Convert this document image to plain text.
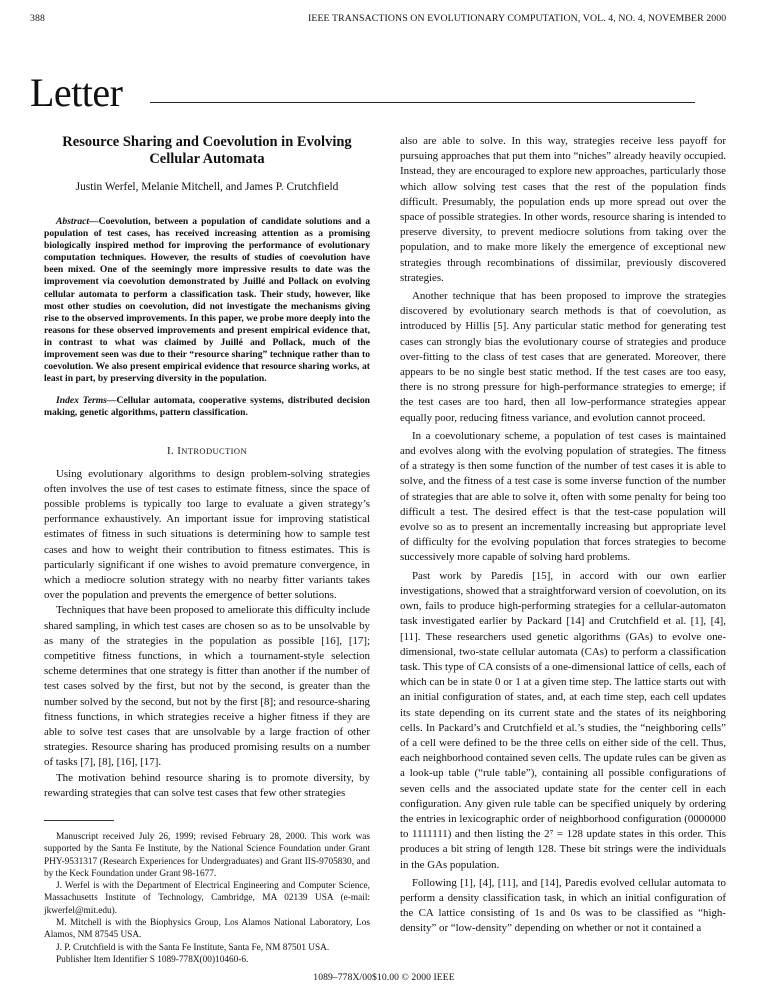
388	IEEE TRANSACTIONS ON EVOLUTIONARY COMPUTATION, VOL. 4, NO. 4, NOVEMBER 2000
Letter
Resource Sharing and Coevolution in Evolving Cellular Automata
Justin Werfel, Melanie Mitchell, and James P. Crutchfield

Abstract—Coevolution, between a population of candidate solutions and a population of test cases, has received increasing attention as a promising biologically inspired method for improving the performance of evolutionary computation techniques. However, the results of studies of coevolution have been mixed. One of the seemingly more impressive results to date was the improvement via coevolution demonstrated by Juillé and Pollack on evolving cellular automata to perform a classification task. Their study, however, like most other studies on coevolution, did not investigate the mechanisms giving rise to the observed improvements. In this paper, we probe more deeply into the reasons for these observed improvements and present empirical evidence that, in contrast to what was claimed by Juillé and Pollack, much of the improvement seen was due to their “resource sharing” technique rather than to coevolution. We also present empirical evidence that resource sharing works, at least in part, by preserving diversity in the population.

Index Terms—Cellular automata, cooperative systems, distributed decision making, genetic algorithms, pattern classification.

I. INTRODUCTION

Using evolutionary algorithms to design problem-solving strategies often involves the use of test cases to estimate fitness, since the space of possible problems is typically too large to evaluate a given strategy’s performance exhaustively. An important issue for improving statistical estimates of fitness in such situations is determining how to sample test cases and how to weight their contribution to fitness estimates. This is particularly significant if one wishes to avoid premature convergence, in which a mediocre solution strategy with no nearby fitter variants takes over the population and prevents the emergence of better solutions.

Techniques that have been proposed to ameliorate this difficulty include shared sampling, in which test cases are chosen so as to be unsolvable by as many of the strategies in the population as possible [16], [17]; competitive fitness functions, in which a tournament-style selection scheme determines that one strategy is fitter than another if the number of test cases solved by the first, but not by the second, is greater than the number solved by the second, but not by the first [8]; and resource-sharing fitness functions, in which strategies receive a higher fitness if they are able to solve test cases that are unsolvable by a large fraction of other strategies. Resource sharing has produced promising results on a number of tasks [7], [8], [16], [17].

The motivation behind resource sharing is to promote diversity, by rewarding strategies that can solve test cases that few other strategies

Manuscript received July 26, 1999; revised February 28, 2000. This work was supported by the Santa Fe Institute, by the National Science Foundation under Grant PHY-9531317 (Research Experiences for Undergraduates) and Grant IIS-9705830, and by the Keck Foundation under Grant 98-1677.

J. Werfel is with the Department of Electrical Engineering and Computer Science, Massachusetts Institute of Technology, Cambridge, MA 02139 USA (e-mail: jkwerfel@mit.edu).

M. Mitchell is with the Biophysics Group, Los Alamos National Laboratory, Los Alamos, NM 87545 USA.

J. P. Crutchfield is with the Santa Fe Institute, Santa Fe, NM 87501 USA.

Publisher Item Identifier S 1089-778X(00)10460-6.

also are able to solve. In this way, strategies receive less payoff for pursuing approaches that put them into “niches” already heavily occupied. Instead, they are encouraged to explore new approaches, particularly those which allow solving test cases that the rest of the population finds difficult. Presumably, the population ends up more spread out over the space of possible strategies. In other words, resource sharing is intended to preserve diversity, to prevent mediocre solutions from taking over the population, and to make more likely the emergence of exceptional new strategies through recombinations of dissimilar, previously discovered strategies.

Another technique that has been proposed to improve the strategies discovered by evolutionary search methods is that of coevolution, as introduced by Hillis [5]. Any particular static method for generating test cases can strongly bias the evolutionary course of strategies and produce over-fitting to the class of test cases that are generated. Moreover, there appears to be no single best static method. If the test cases are too easy, there is no strong pressure for high-performance strategies to emerge; if the test cases are too hard, then all low-performance strategies appear equally poor, reducing fitness variance, and evolution cannot proceed.

In a coevolutionary scheme, a population of test cases is maintained and evolves along with the evolving population of strategies. The fitness of a strategy is then some function of the number of test cases it is able to solve, and the fitness of a test case is some inverse function of the number of strategies that are able to solve it, often with some penalty for being too difficult a test. The desired effect is that the test-case population will evolve so as to present an incrementally increasing but appropriate level of difficulty for the evolving population that forces strategies to become successively more capable of solving hard problems.

Past work by Paredis [15], in accord with our own earlier investigations, showed that a straightforward version of coevolution, on its own, fails to produce high-performing strategies for a cellular-automaton task investigated earlier by Packard [14] and Crutchfield et al. [1], [4], [11]. These researchers used genetic algorithms (GAs) to evolve one-dimensional, two-state cellular automata (CAs) to perform a classification task. This type of CA consists of a one-dimensional lattice of cells, each of which can be in state 0 or 1 at a given time step. The lattice starts out with an initial configuration of states, and, at each time step, each cell updates its state depending on its current state and the states of its neighboring cells. In Packard’s and Crutchfield et al.’s studies, the “neighboring cells” of a cell were defined to be the three cells on either side of the cell. Thus, each neighborhood contained seven cells. The update rules can be given as a look-up table (“rule table”), containing all possible configurations of seven cells and the associated update state for the center cell in each configuration. Any given rule table can be specified uniquely by ordering the entries in lexicographic order of neighborhood configuration (0000000 to 1111111) and then listing the 2⁷ = 128 update states in this order. This produces a bit string of length 128. These bit strings were the individuals in the GAs population.

Following [1], [4], [11], and [14], Paredis evolved cellular automata to perform a density classification task, in which an initial configuration of the CA lattice consisting of 1s and 0s was to be classified as “high-density” or “low-density” depending on whether or not it contained a

1089–778X/00$10.00 © 2000 IEEE
